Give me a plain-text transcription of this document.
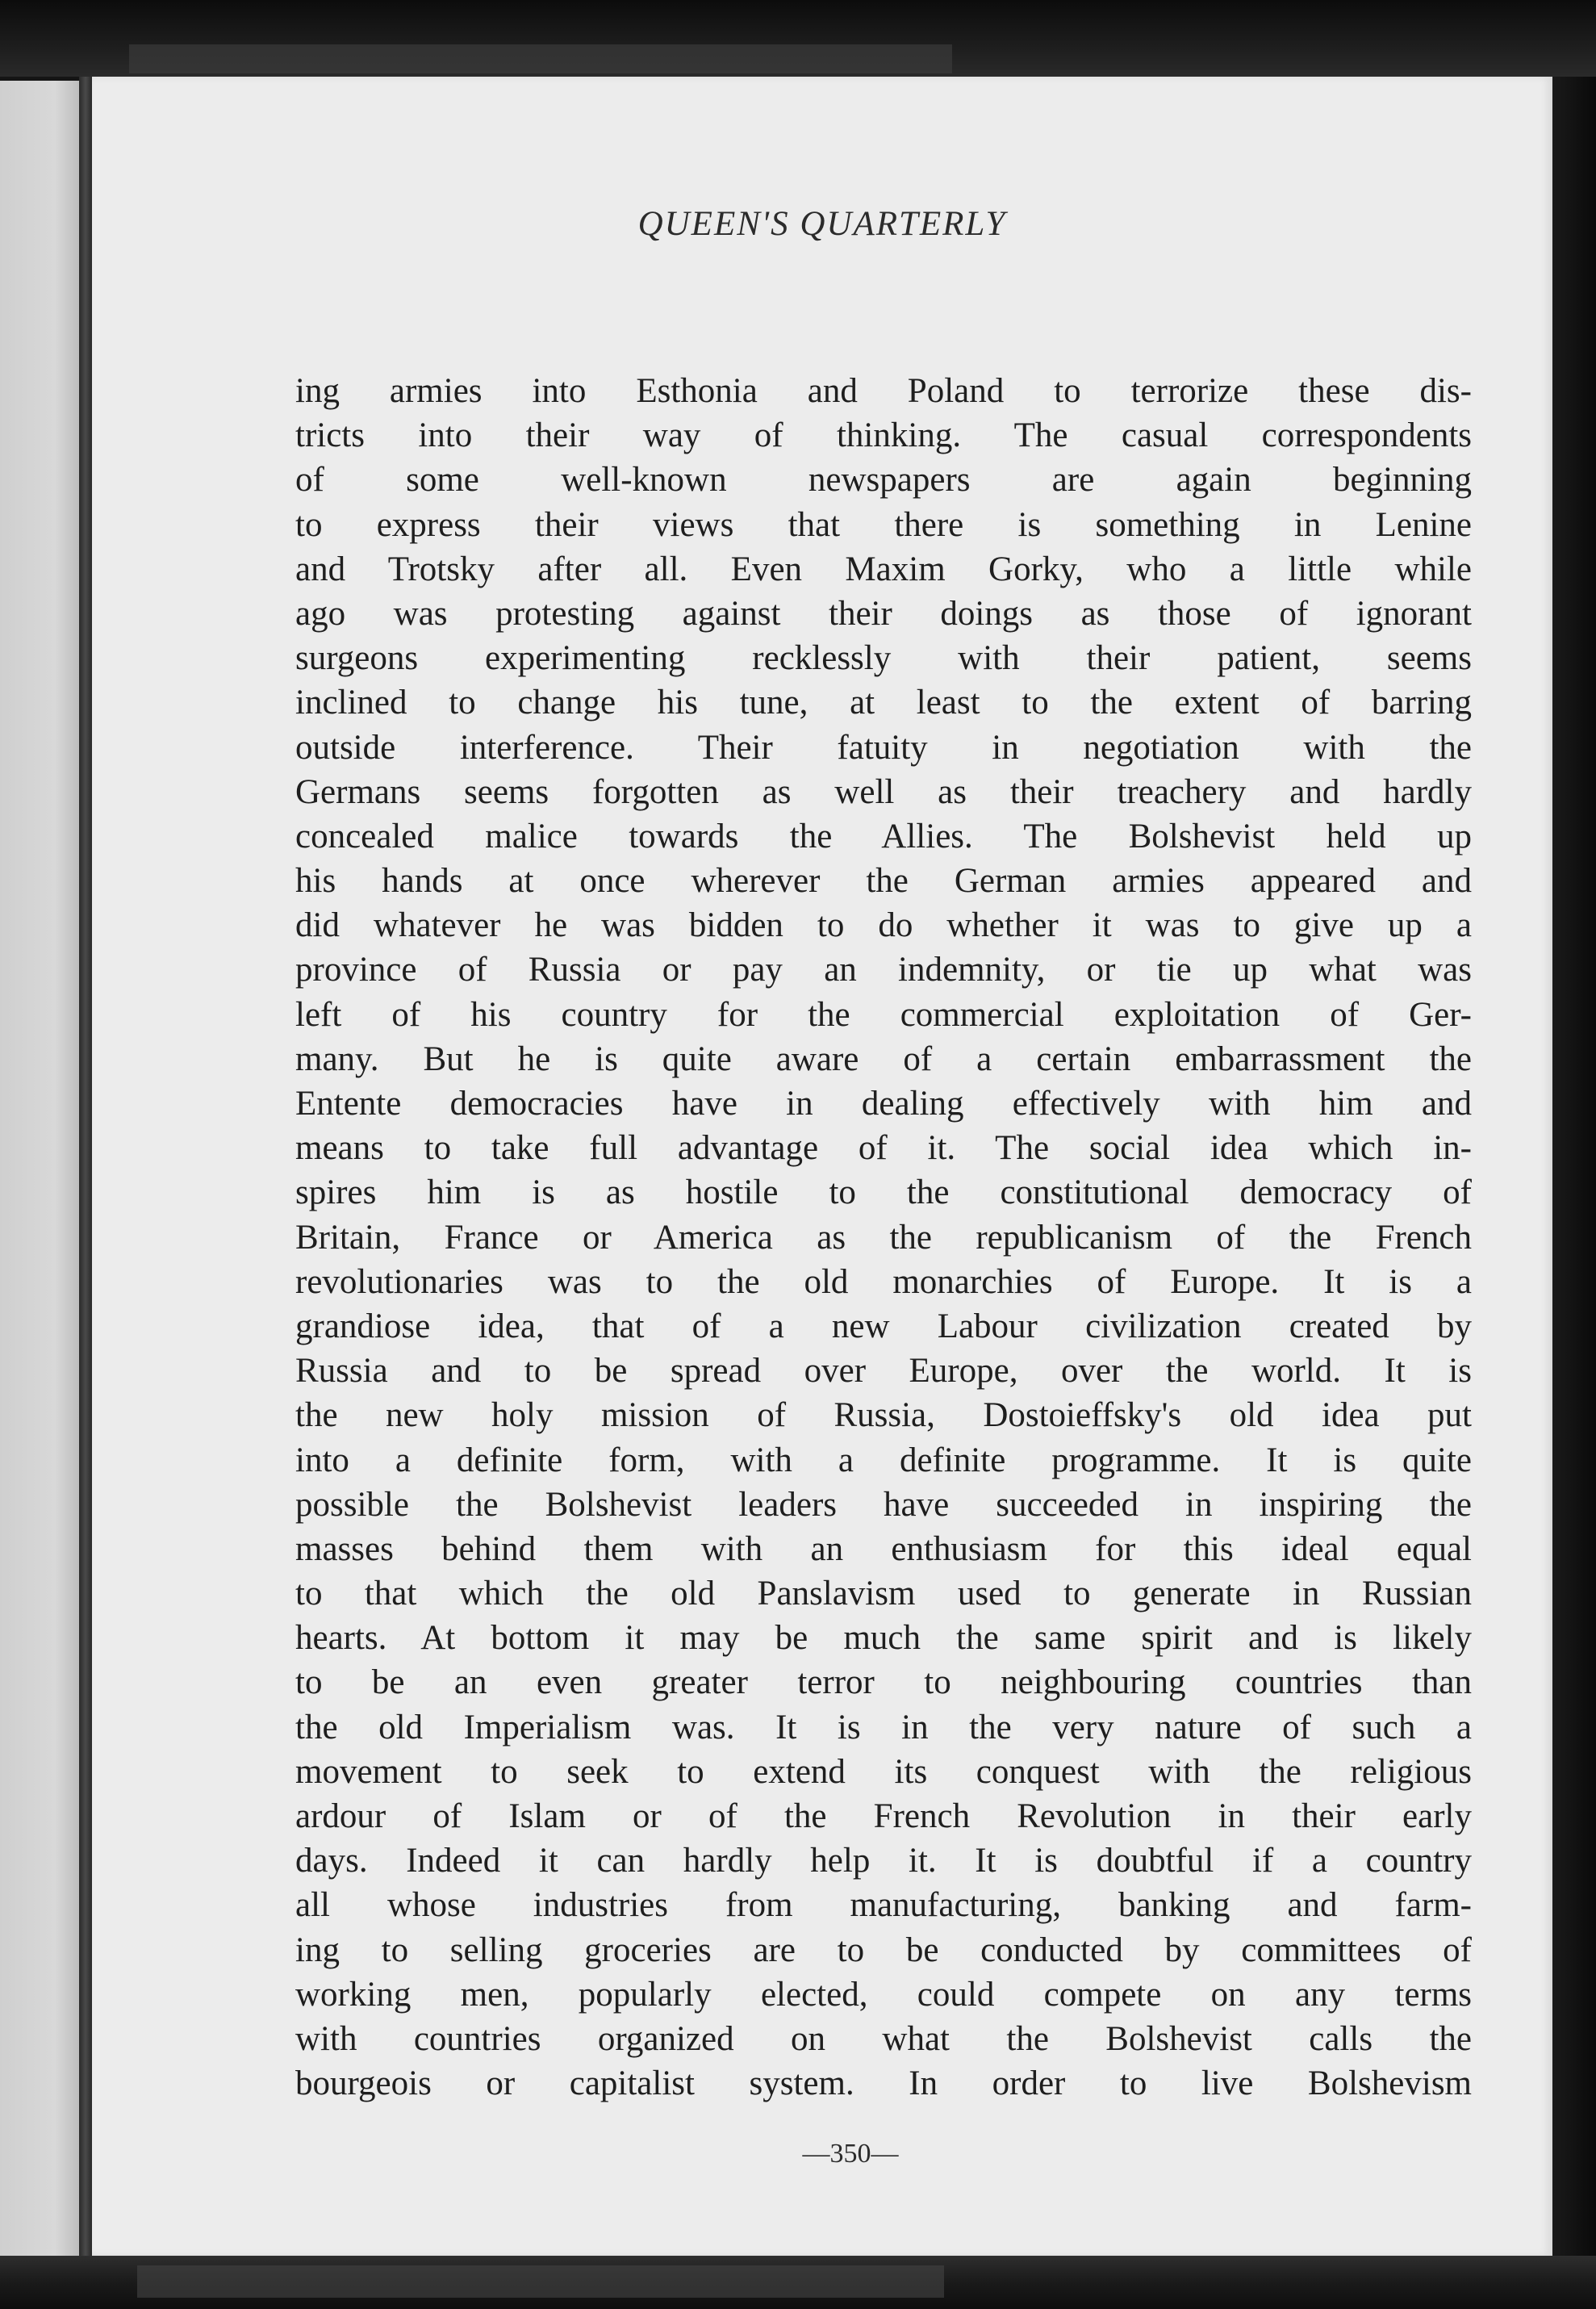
QUEEN'S QUARTERLY
ing armies into Esthonia and Poland to terrorize these dis-
tricts into their way of thinking. The casual correspondents
of some well-known newspapers are again beginning
to express their views that there is something in Lenine
and Trotsky after all. Even Maxim Gorky, who a little while
ago was protesting against their doings as those of ignorant
surgeons experimenting recklessly with their patient, seems
inclined to change his tune, at least to the extent of barring
outside interference. Their fatuity in negotiation with the
Germans seems forgotten as well as their treachery and hardly
concealed malice towards the Allies. The Bolshevist held up
his hands at once wherever the German armies appeared and
did whatever he was bidden to do whether it was to give up a
province of Russia or pay an indemnity, or tie up what was
left of his country for the commercial exploitation of Ger-
many. But he is quite aware of a certain embarrassment the
Entente democracies have in dealing effectively with him and
means to take full advantage of it. The social idea which in-
spires him is as hostile to the constitutional democracy of
Britain, France or America as the republicanism of the French
revolutionaries was to the old monarchies of Europe. It is a
grandiose idea, that of a new Labour civilization created by
Russia and to be spread over Europe, over the world. It is
the new holy mission of Russia, Dostoieffsky's old idea put
into a definite form, with a definite programme. It is quite
possible the Bolshevist leaders have succeeded in inspiring the
masses behind them with an enthusiasm for this ideal equal
to that which the old Panslavism used to generate in Russian
hearts. At bottom it may be much the same spirit and is likely
to be an even greater terror to neighbouring countries than
the old Imperialism was. It is in the very nature of such a
movement to seek to extend its conquest with the religious
ardour of Islam or of the French Revolution in their early
days. Indeed it can hardly help it. It is doubtful if a country
all whose industries from manufacturing, banking and farm-
ing to selling groceries are to be conducted by committees of
working men, popularly elected, could compete on any terms
with countries organized on what the Bolshevist calls the
bourgeois or capitalist system. In order to live Bolshevism
—350—
